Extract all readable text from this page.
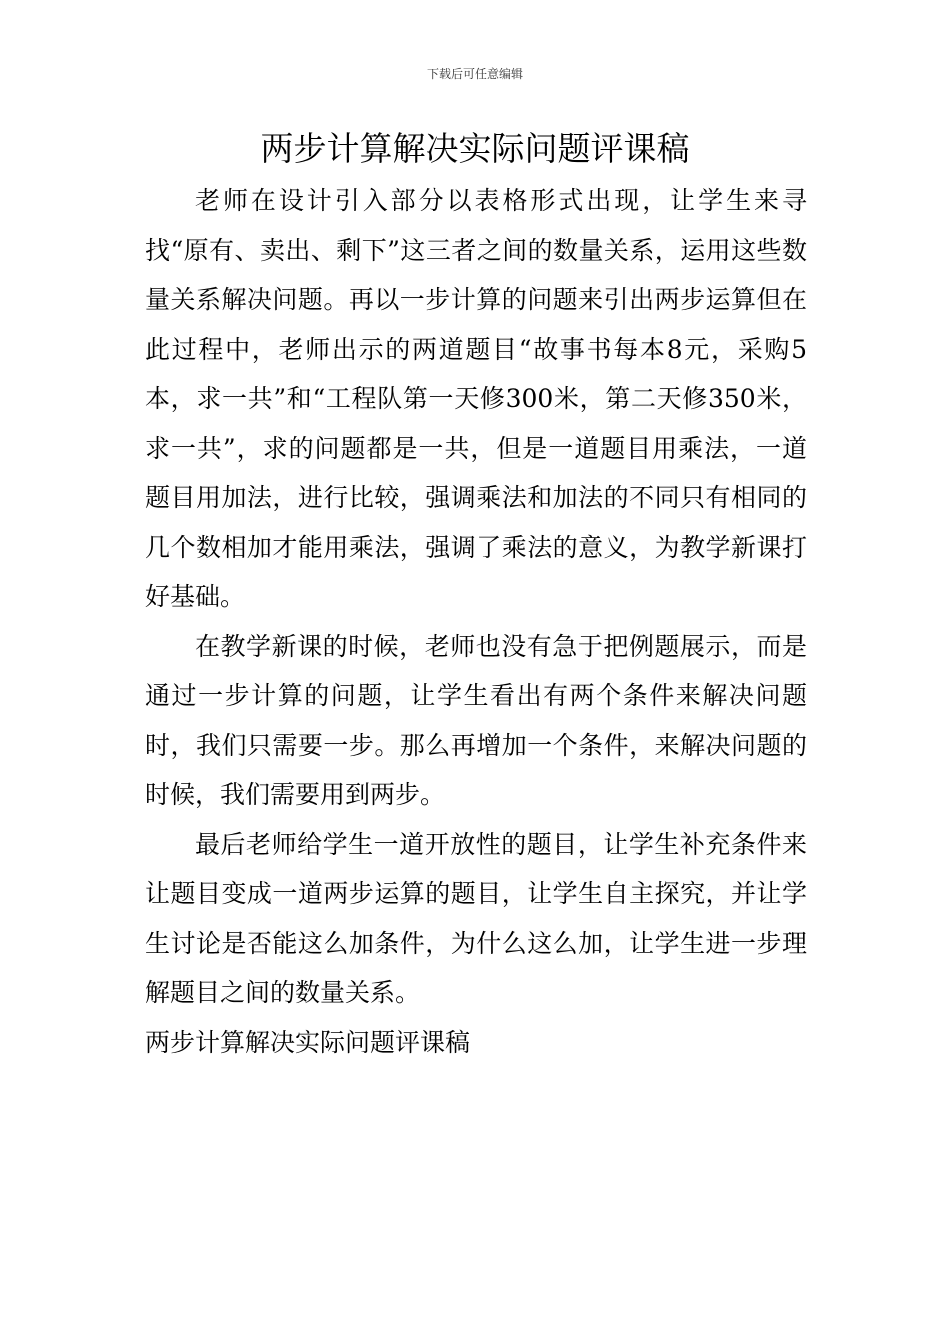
下载后可任意编辑
两步计算解决实际问题评课稿

老师在设计引入部分以表格形式出现，让学生来寻找“原有、卖出、剩下”这三者之间的数量关系，运用这些数量关系解决问题。再以一步计算的问题来引出两步运算但在此过程中，老师出示的两道题目“故事书每本8元，采购5本，求一共”和“工程队第一天修300米，第二天修350米，求一共”，求的问题都是一共，但是一道题目用乘法，一道题目用加法，进行比较，强调乘法和加法的不同只有相同的几个数相加才能用乘法，强调了乘法的意义，为教学新课打好基础。

在教学新课的时候，老师也没有急于把例题展示，而是通过一步计算的问题，让学生看出有两个条件来解决问题时，我们只需要一步。那么再增加一个条件，来解决问题的时候，我们需要用到两步。

最后老师给学生一道开放性的题目，让学生补充条件来让题目变成一道两步运算的题目，让学生自主探究，并让学生讨论是否能这么加条件，为什么这么加，让学生进一步理解题目之间的数量关系。

两步计算解决实际问题评课稿
